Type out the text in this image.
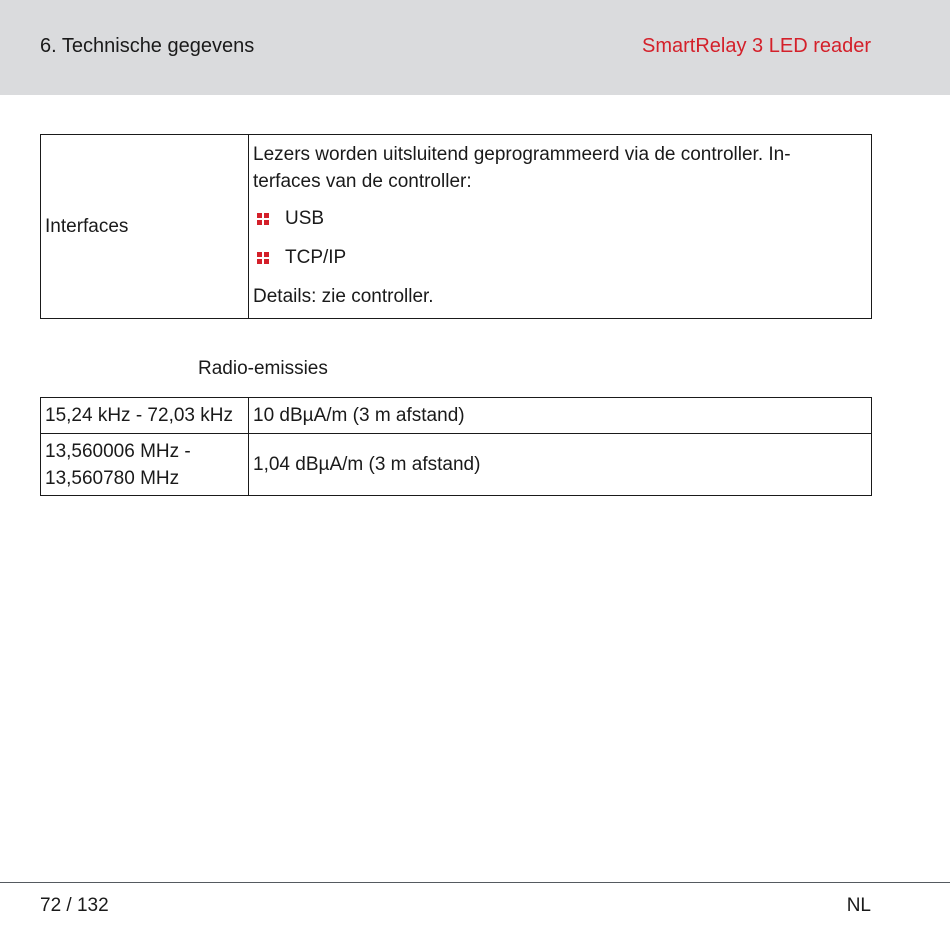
6. Technische gegevens	SmartRelay 3 LED reader
Interfaces	

Lezers worden uitsluitend geprogrammeerd via de controller. In-
terfaces van de controller:

USB
TCP/IP

Details: zie controller.

Radio-emissies
15,24 kHz - 72,03 kHz	10 dBµA/m (3 m afstand)
13,560006 MHz - 13,560780 MHz	1,04 dBµA/m (3 m afstand)
72 / 132	NL
